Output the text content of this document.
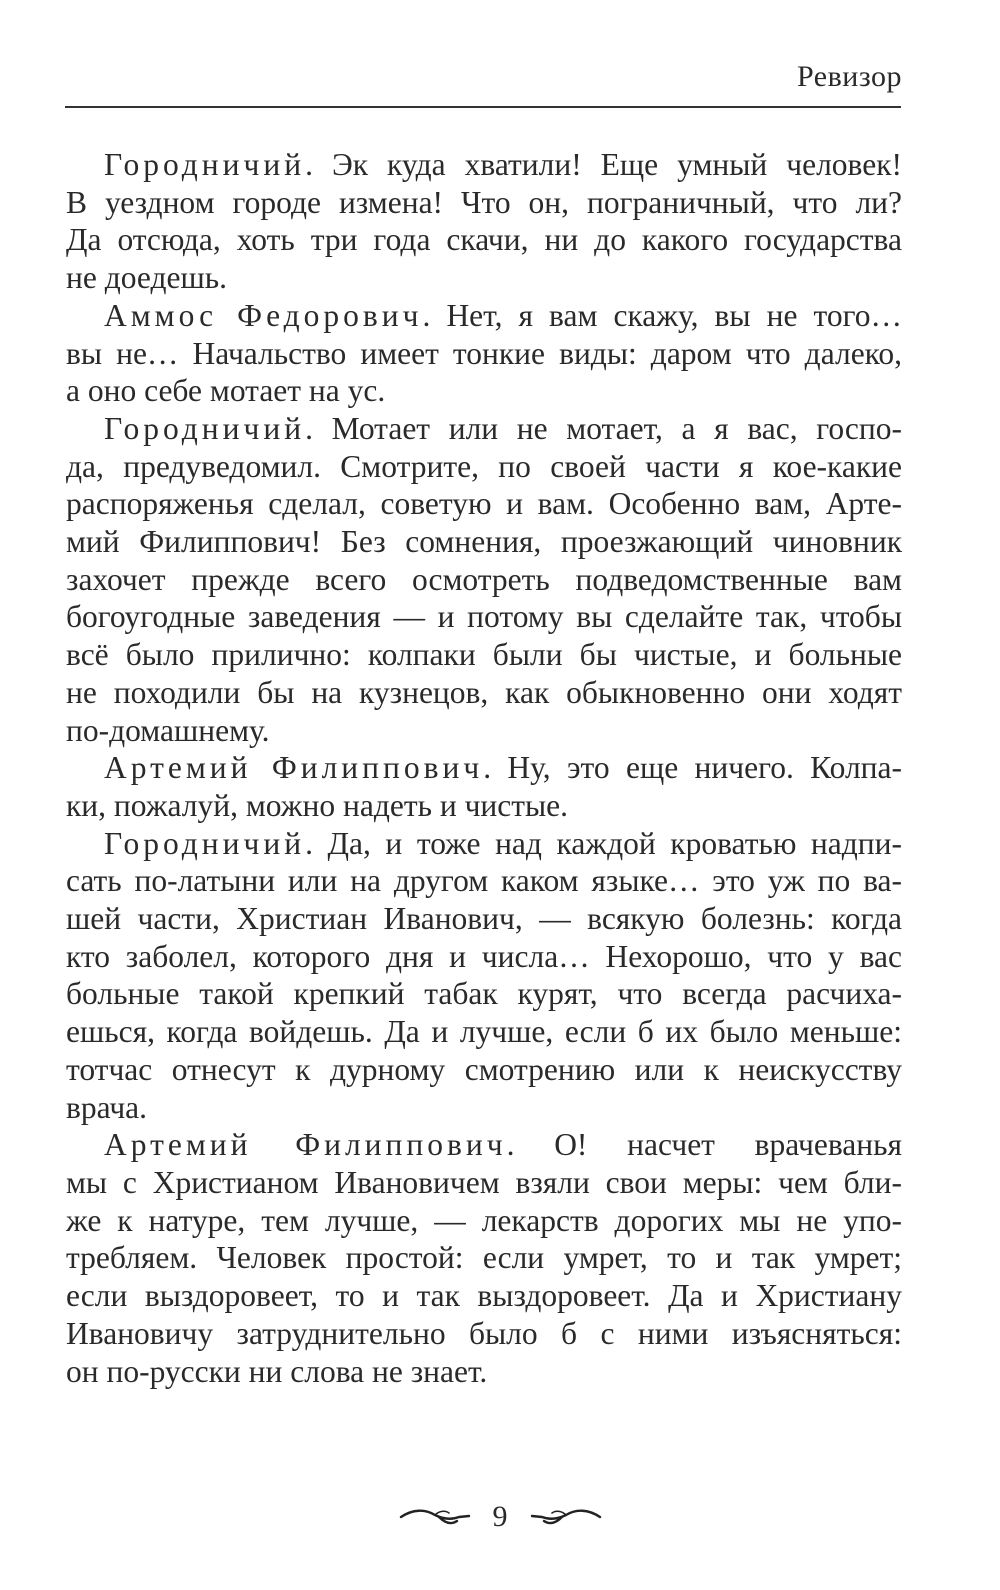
Ревизор
Городничий. Эк куда хватили! Еще умный человек!
В уездном городе измена! Что он, пограничный, что ли?
Да отсюда, хоть три года скачи, ни до какого государства
не доедешь.
Аммос Федорович. Нет, я вам скажу, вы не того…
вы не… Начальство имеет тонкие виды: даром что далеко,
а оно себе мотает на ус.
Городничий. Мотает или не мотает, а я вас, госпо-
да, предуведомил. Смотрите, по своей части я кое-какие
распоряженья сделал, советую и вам. Особенно вам, Арте-
мий Филиппович! Без сомнения, проезжающий чиновник
захочет прежде всего осмотреть подведомственные вам
богоугодные заведения — и потому вы сделайте так, чтобы
всё было прилично: колпаки были бы чистые, и больные
не походили бы на кузнецов, как обыкновенно они ходят
по-домашнему.
Артемий Филиппович. Ну, это еще ничего. Колпа-
ки, пожалуй, можно надеть и чистые.
Городничий. Да, и тоже над каждой кроватью надпи-
сать по-латыни или на другом каком языке… это уж по ва-
шей части, Христиан Иванович, — всякую болезнь: когда
кто заболел, которого дня и числа… Нехорошо, что у вас
больные такой крепкий табак курят, что всегда расчиха-
ешься, когда войдешь. Да и лучше, если б их было меньше:
тотчас отнесут к дурному смотрению или к неискусству
врача.
Артемий Филиппович. О! насчет врачеванья
мы с Христианом Ивановичем взяли свои меры: чем бли-
же к натуре, тем лучше, — лекарств дорогих мы не упо-
требляем. Человек простой: если умрет, то и так умрет;
если выздоровеет, то и так выздоровеет. Да и Христиану
Ивановичу затруднительно было б с ними изъясняться:
он по-русски ни слова не знает.
9
